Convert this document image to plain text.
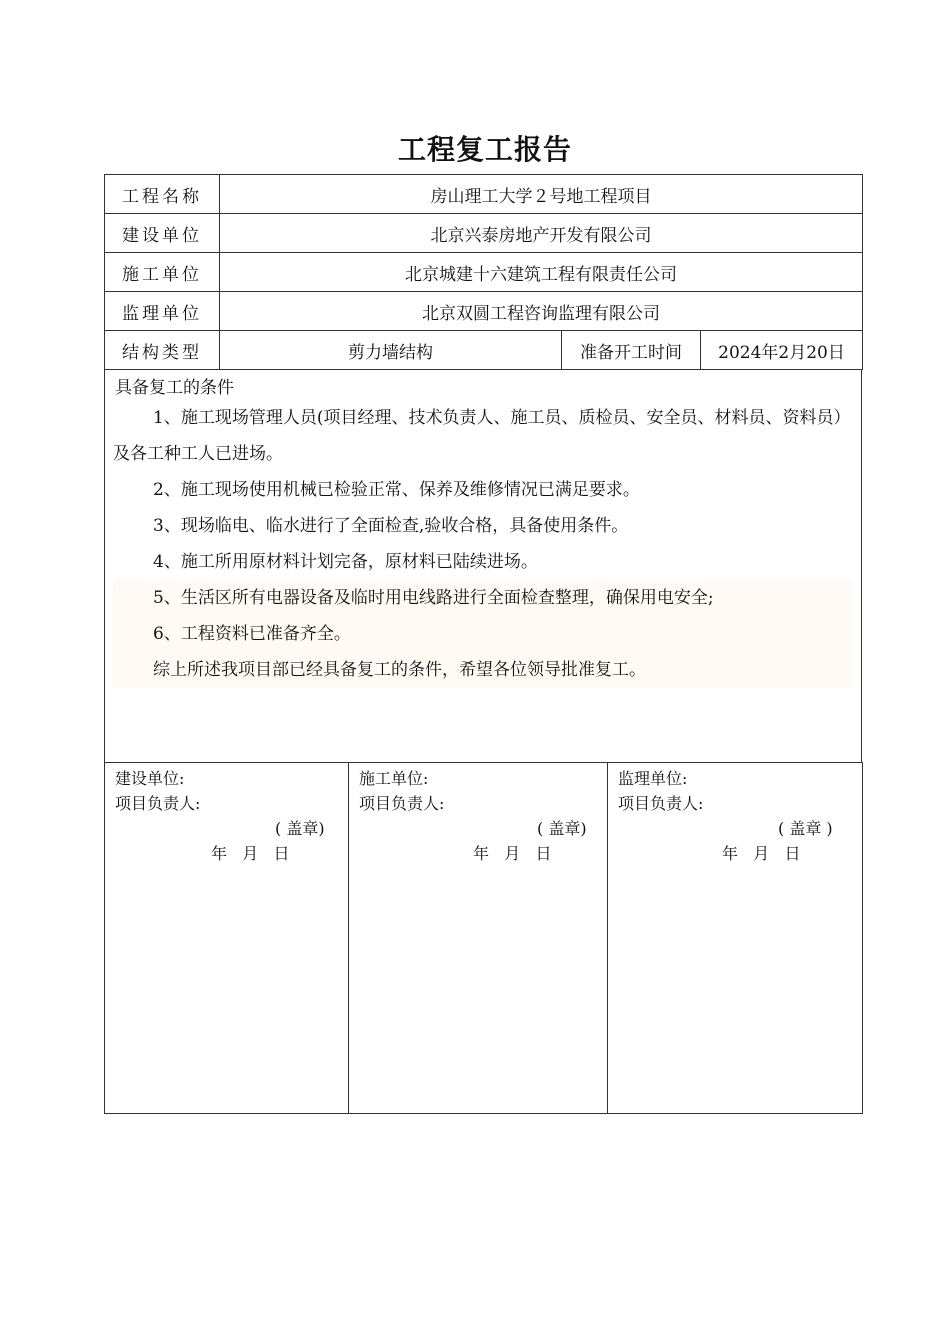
工程复工报告
工程名称	房山理工大学２号地工程项目		
建设单位	北京兴泰房地产开发有限公司		
施工单位	北京城建十六建筑工程有限责任公司		
监理单位	北京双圆工程咨询监理有限公司		
结构类型	剪力墙结构	准备开工时间	2024年2月20日
具备复工的条件

1、施工现场管理人员(项目经理、技术负责人、施工员、质检员、安全员、材料员、资料员）及各工种工人已进场。

2、施工现场使用机械已检验正常、保养及维修情况已满足要求。

3、现场临电、临水进行了全面检查,验收合格，具备使用条件。

4、施工所用原材料计划完备，原材料已陆续进场。

5、生活区所有电器设备及临时用电线路进行全面检查整理，确保用电安全;

6、工程资料已准备齐全。

综上所述我项目部已经具备复工的条件，希望各位领导批准复工。

建设单位:
项目负责人:
( 盖章)
年   月   日

施工单位:
项目负责人:
( 盖章)
年   月   日

监理单位:
项目负责人:
( 盖章 )
年   月   日
